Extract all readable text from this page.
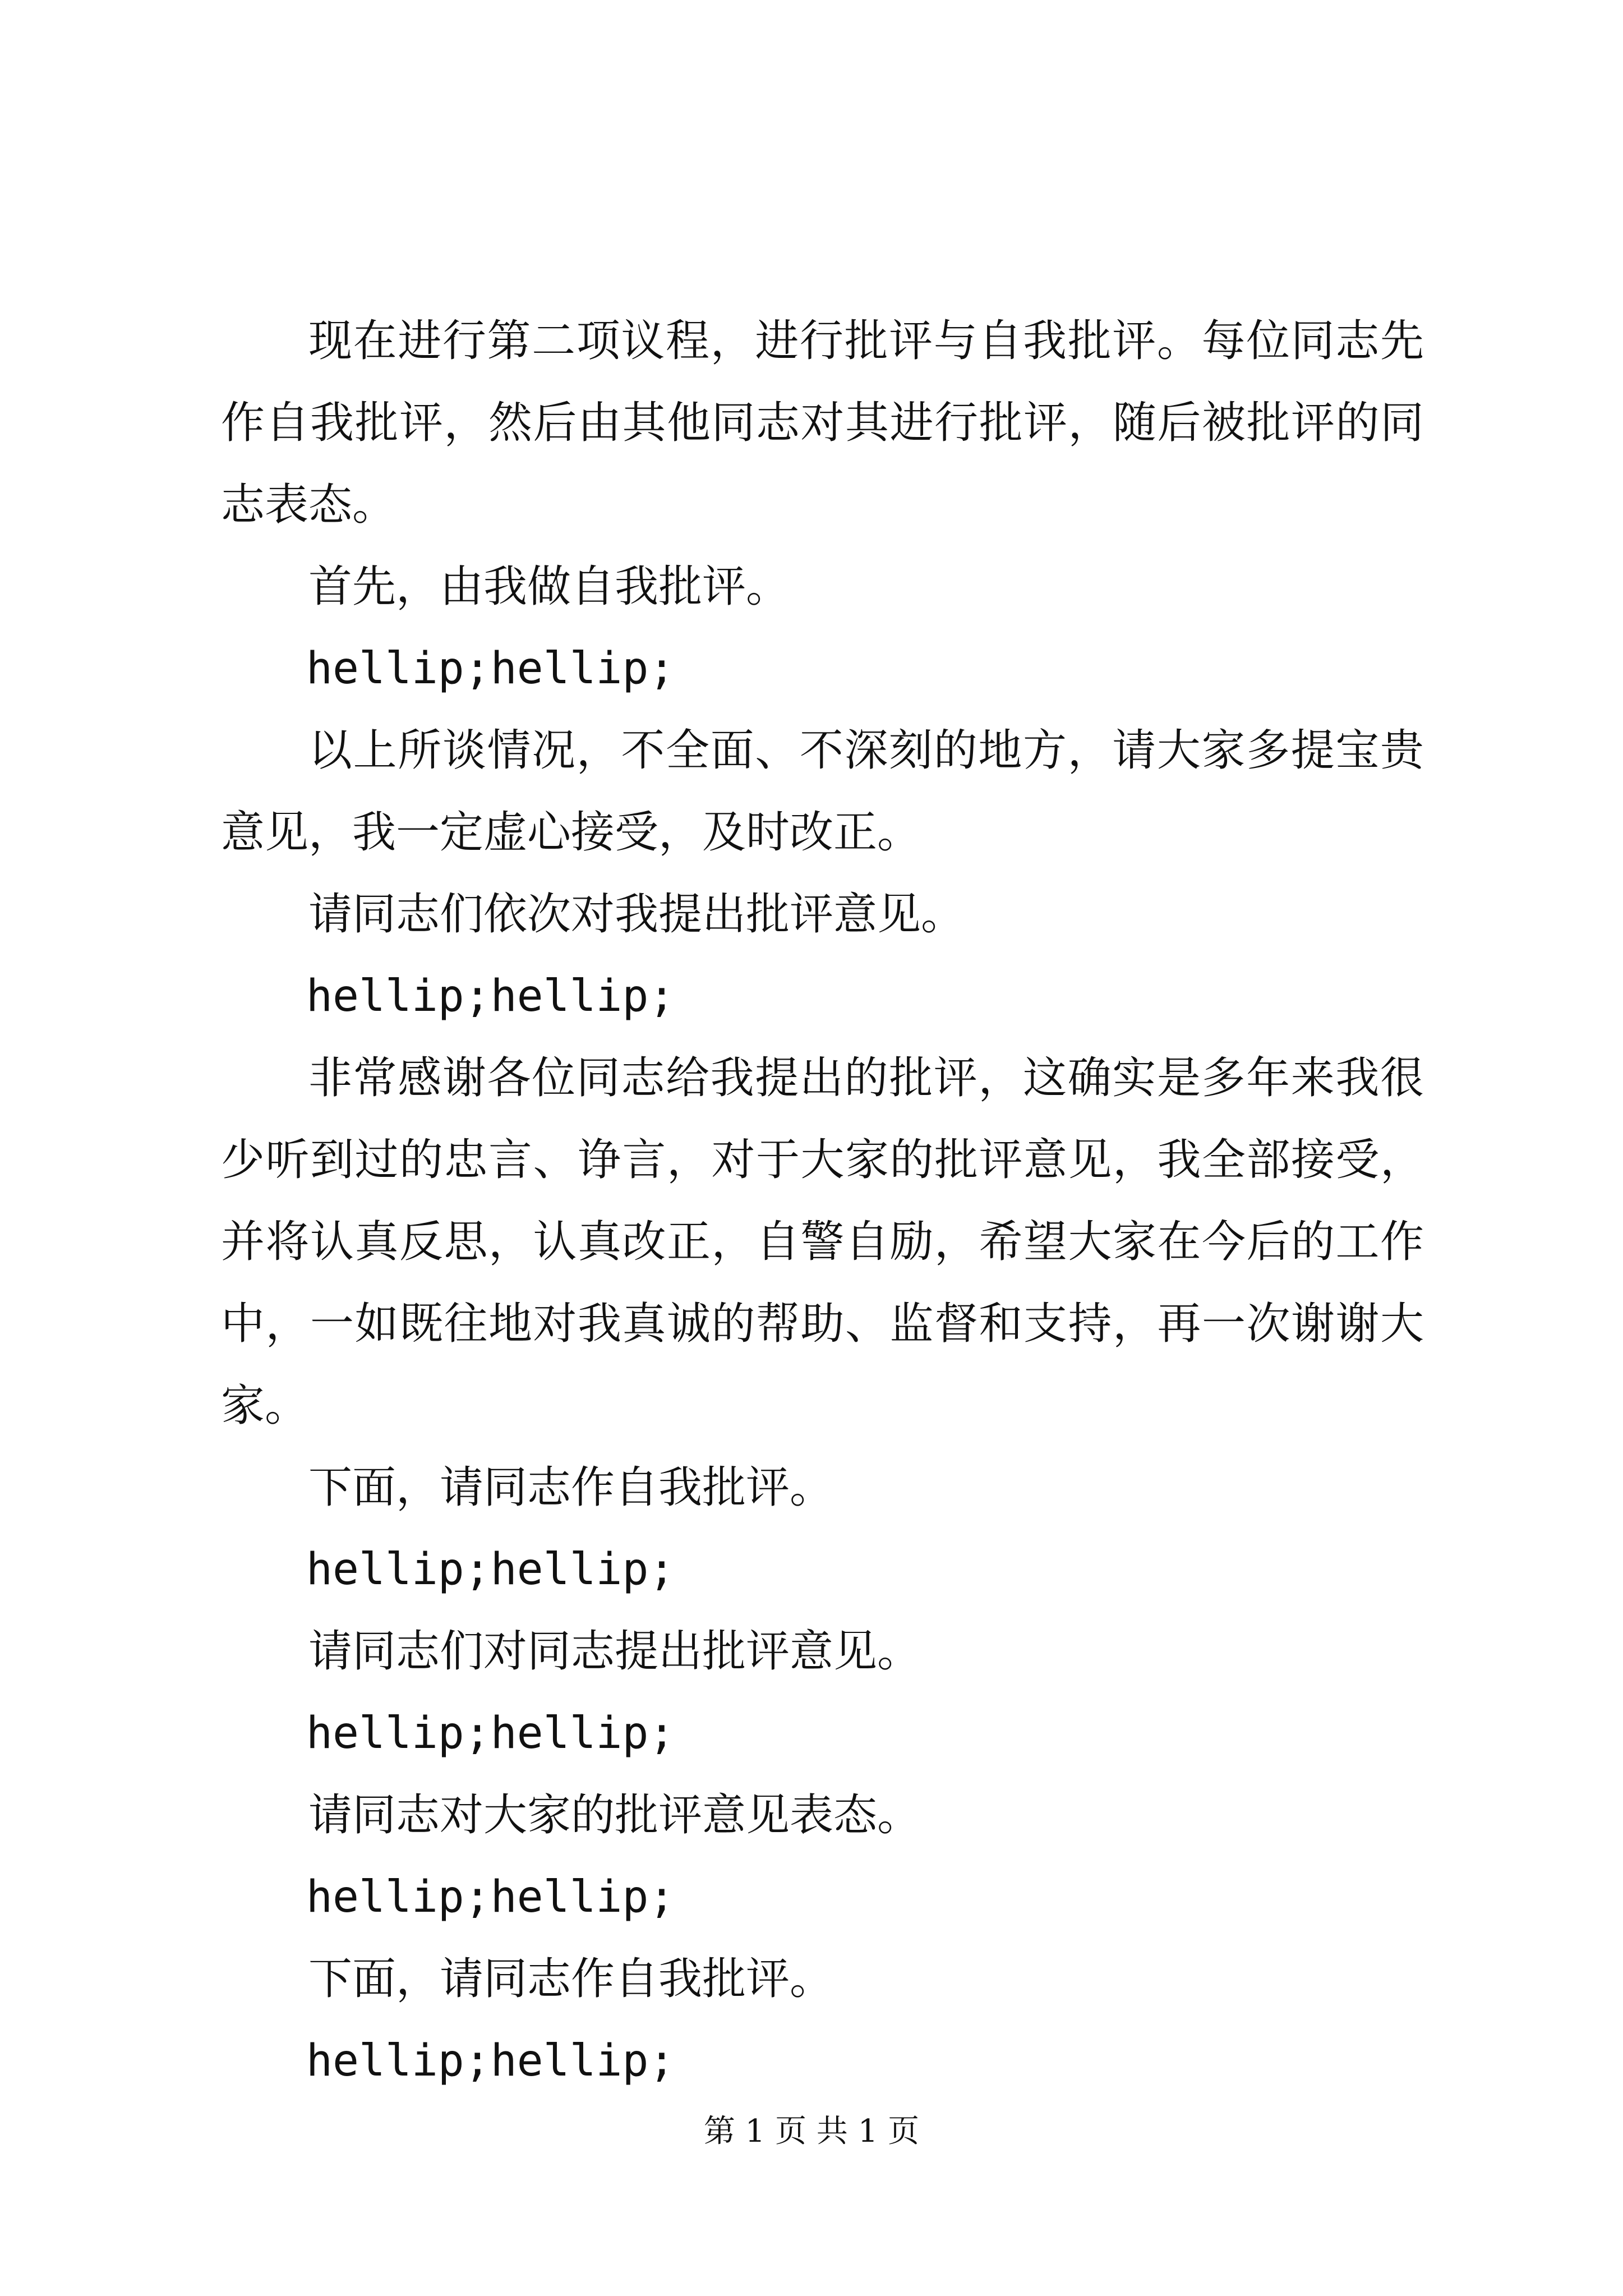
现在进行第二项议程，进行批评与自我批评。每位同志先作自我批评，然后由其他同志对其进行批评，随后被批评的同志表态。

首先，由我做自我批评。

hellip;hellip;

以上所谈情况，不全面、不深刻的地方，请大家多提宝贵意见，我一定虚心接受，及时改正。

请同志们依次对我提出批评意见。

hellip;hellip;

非常感谢各位同志给我提出的批评，这确实是多年来我很少听到过的忠言、诤言，对于大家的批评意见，我全部接受，并将认真反思，认真改正，自警自励，希望大家在今后的工作中，一如既往地对我真诚的帮助、监督和支持，再一次谢谢大家。

下面，请同志作自我批评。

hellip;hellip;

请同志们对同志提出批评意见。

hellip;hellip;

请同志对大家的批评意见表态。

hellip;hellip;

下面，请同志作自我批评。

hellip;hellip;

第 1 页 共 1 页
